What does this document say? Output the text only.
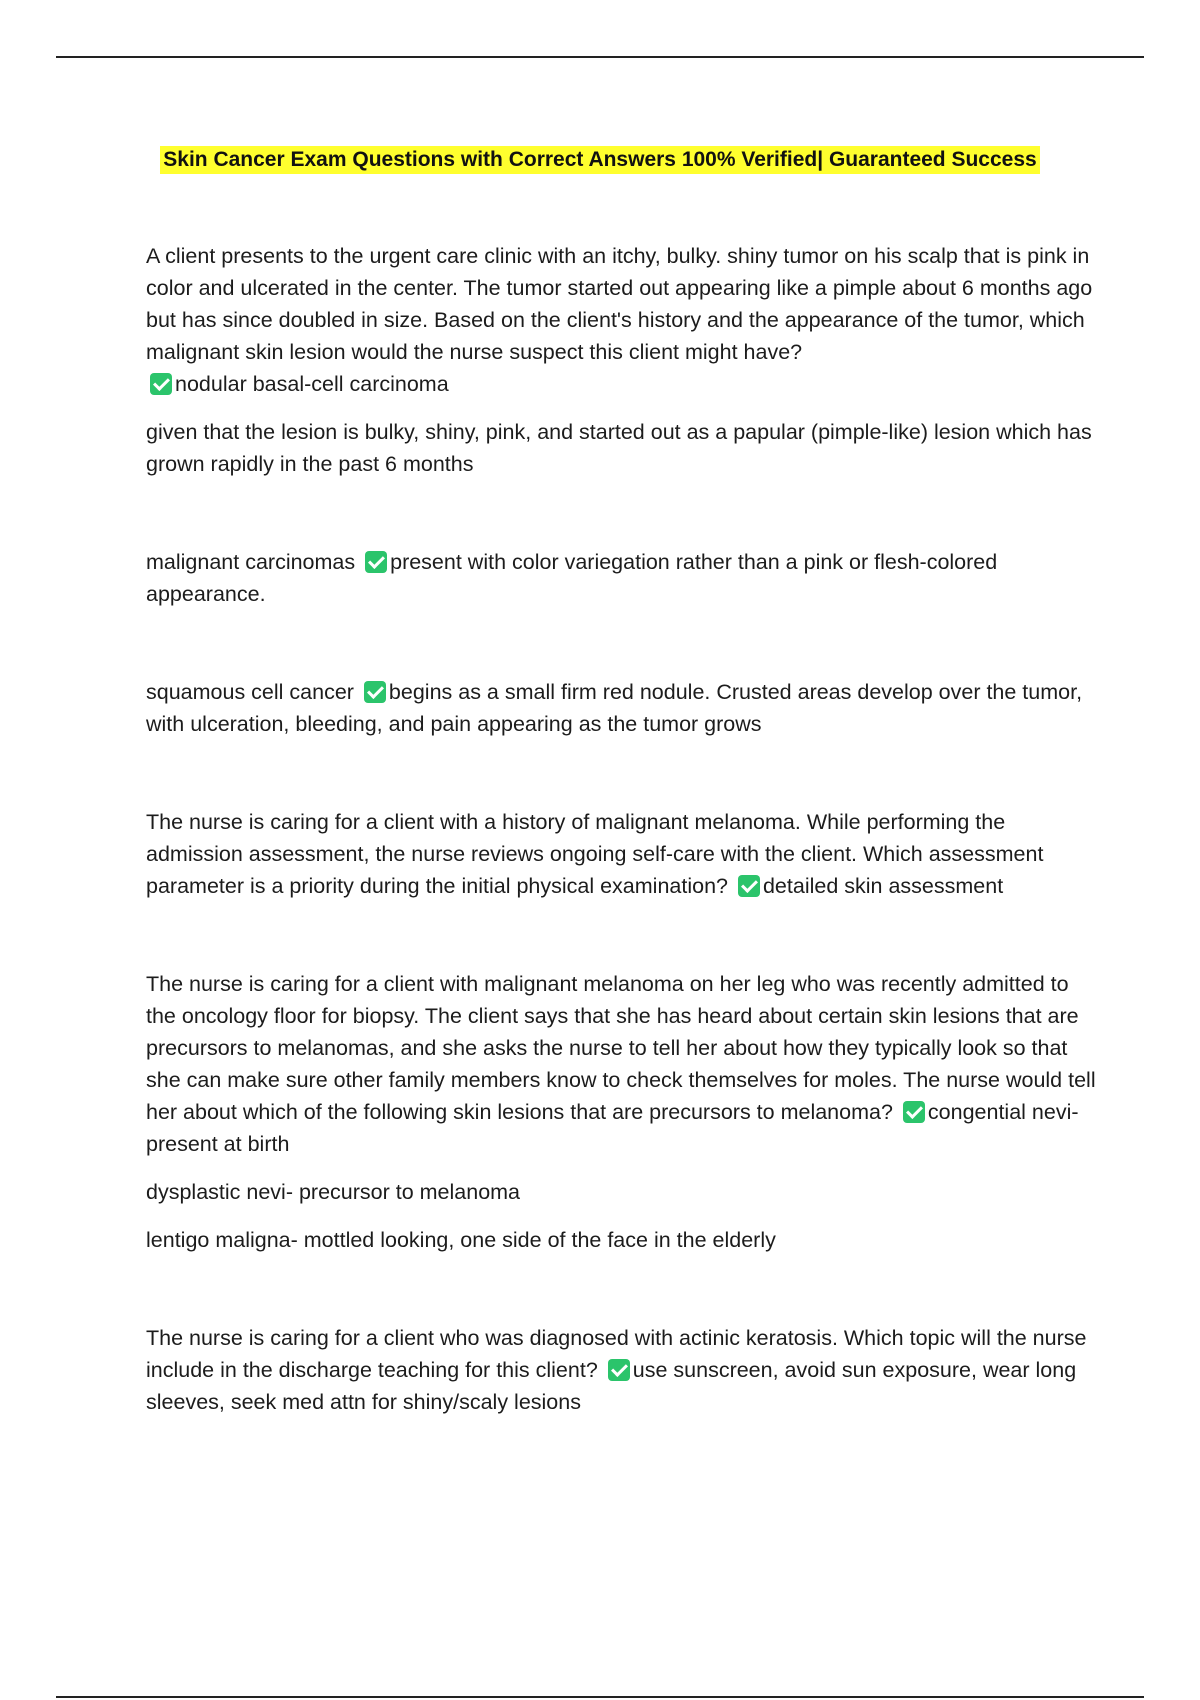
Skin Cancer Exam Questions with Correct Answers 100% Verified| Guaranteed Success

A client presents to the urgent care clinic with an itchy, bulky. shiny tumor on his scalp that is pink in color and ulcerated in the center. The tumor started out appearing like a pimple about 6 months ago but has since doubled in size. Based on the client's history and the appearance of the tumor, which malignant skin lesion would the nurse suspect this client might have?
nodular basal-cell carcinoma

given that the lesion is bulky, shiny, pink, and started out as a papular (pimple-like) lesion which has grown rapidly in the past 6 months

malignant carcinomas present with color variegation rather than a pink or flesh-colored appearance.

squamous cell cancer begins as a small firm red nodule. Crusted areas develop over the tumor, with ulceration, bleeding, and pain appearing as the tumor grows

The nurse is caring for a client with a history of malignant melanoma. While performing the admission assessment, the nurse reviews ongoing self-care with the client. Which assessment parameter is a priority during the initial physical examination? detailed skin assessment

The nurse is caring for a client with malignant melanoma on her leg who was recently admitted to the oncology floor for biopsy. The client says that she has heard about certain skin lesions that are precursors to melanomas, and she asks the nurse to tell her about how they typically look so that she can make sure other family members know to check themselves for moles. The nurse would tell her about which of the following skin lesions that are precursors to melanoma? congential nevi- present at birth

dysplastic nevi- precursor to melanoma

lentigo maligna- mottled looking, one side of the face in the elderly

The nurse is caring for a client who was diagnosed with actinic keratosis. Which topic will the nurse include in the discharge teaching for this client? use sunscreen, avoid sun exposure, wear long sleeves, seek med attn for shiny/scaly lesions
